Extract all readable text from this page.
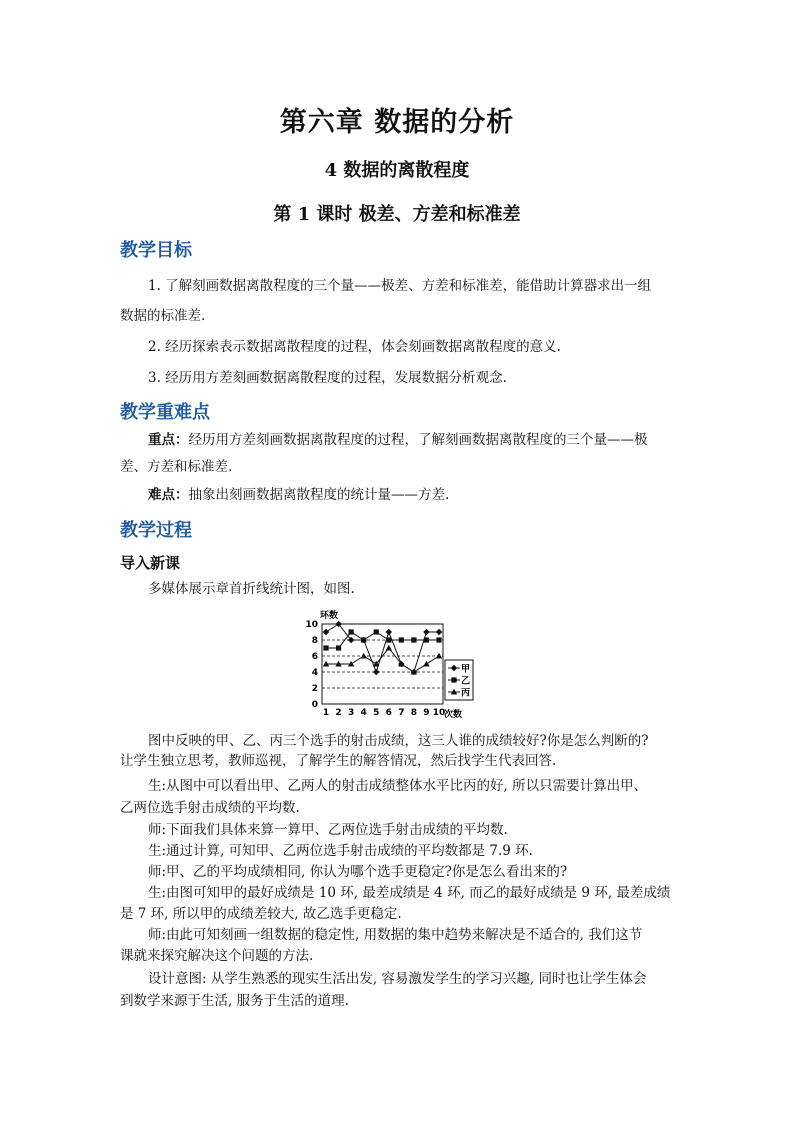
第六章 数据的分析
4 数据的离散程度
第 1 课时 极差、方差和标准差
教学目标
1. 了解刻画数据离散程度的三个量——极差、方差和标准差，能借助计算器求出一组
数据的标准差.
2. 经历探索表示数据离散程度的过程，体会刻画数据离散程度的意义.
3. 经历用方差刻画数据离散程度的过程，发展数据分析观念.
教学重难点
重点：经历用方差刻画数据离散程度的过程，了解刻画数据离散程度的三个量——极
差、方差和标准差.
难点：抽象出刻画数据离散程度的统计量——方差.
教学过程
导入新课
多媒体展示章首折线统计图，如图.
0
2
4
6
8
10
1 2 3 4 5 6 7 8 9 10
环数
次数
甲
乙
丙
图中反映的甲、乙、丙三个选手的射击成绩，这三人谁的成绩较好?你是怎么判断的?
让学生独立思考，教师巡视，了解学生的解答情况，然后找学生代表回答.
生:从图中可以看出甲、乙两人的射击成绩整体水平比丙的好, 所以只需要计算出甲、
乙两位选手射击成绩的平均数.
师:下面我们具体来算一算甲、乙两位选手射击成绩的平均数.
生:通过计算, 可知甲、乙两位选手射击成绩的平均数都是 7.9 环.
师:甲、乙的平均成绩相同, 你认为哪个选手更稳定?你是怎么看出来的?
生:由图可知甲的最好成绩是 10 环, 最差成绩是 4 环, 而乙的最好成绩是 9 环, 最差成绩
是 7 环, 所以甲的成绩差较大, 故乙选手更稳定.
师:由此可知刻画一组数据的稳定性, 用数据的集中趋势来解决是不适合的, 我们这节
课就来探究解决这个问题的方法.
设计意图: 从学生熟悉的现实生活出发, 容易激发学生的学习兴趣, 同时也让学生体会
到数学来源于生活, 服务于生活的道理.
